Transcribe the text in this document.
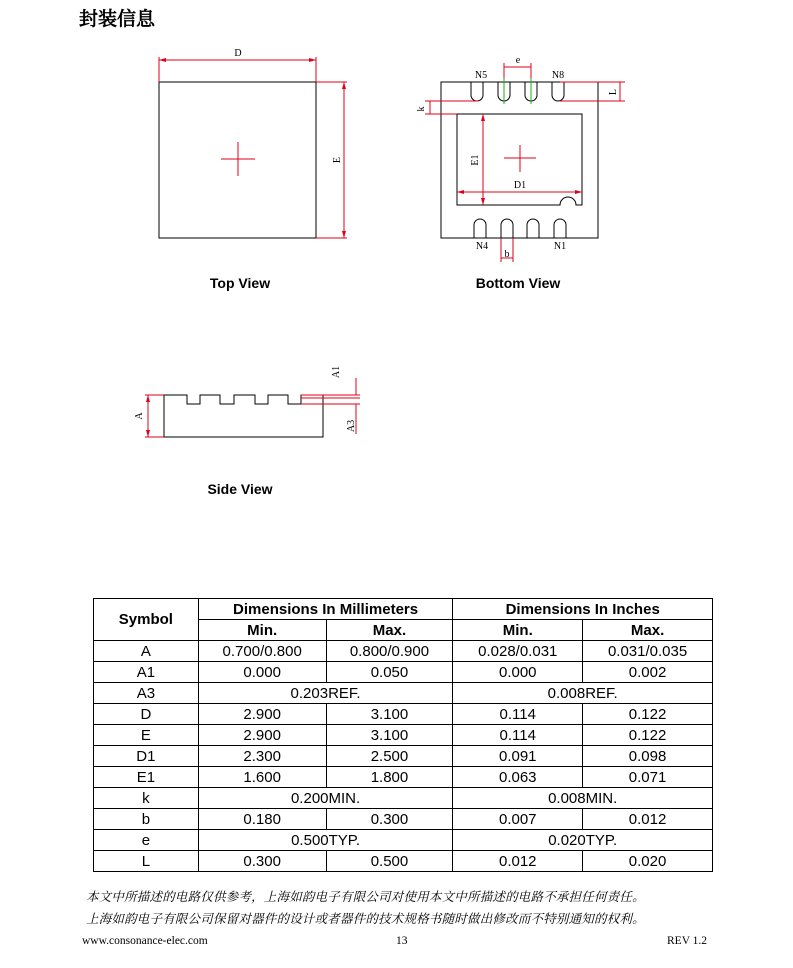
封装信息
D
E
N5	N8
N4	N1
e
L
k
E1
D1
b
A
A1
A3
Top View	Bottom View
Side View
Symbol	Dimensions In Millimeters		Dimensions In Inches	
	Min.	Max.	Min.	Max.
A	0.700/0.800	0.800/0.900	0.028/0.031	0.031/0.035
A1	0.000	0.050	0.000	0.002
A3	0.203REF.		0.008REF.	
D	2.900	3.100	0.114	0.122
E	2.900	3.100	0.114	0.122
D1	2.300	2.500	0.091	0.098
E1	1.600	1.800	0.063	0.071
k	0.200MIN.		0.008MIN.	
b	0.180	0.300	0.007	0.012
e	0.500TYP.		0.020TYP.	
L	0.300	0.500	0.012	0.020
本文中所描述的电路仅供参考，上海如韵电子有限公司对使用本文中所描述的电路不承担任何责任。
上海如韵电子有限公司保留对器件的设计或者器件的技术规格书随时做出修改而不特别通知的权利。
www.consonance-elec.com	13	REV 1.2
